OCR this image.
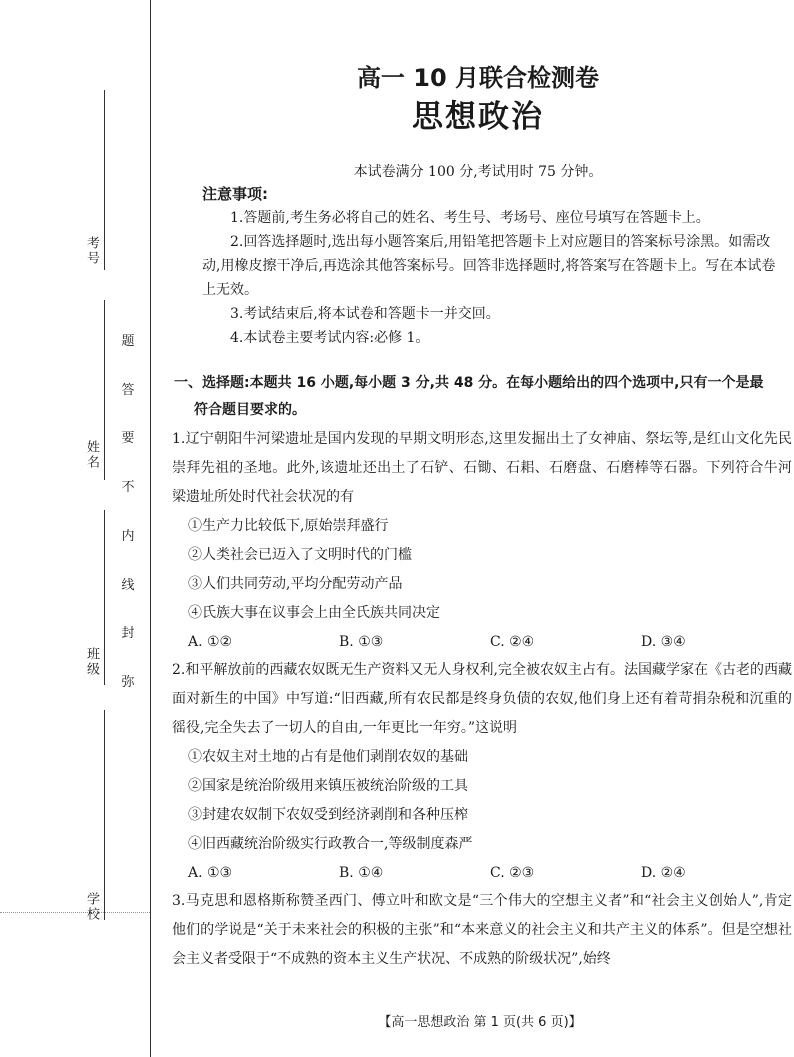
考号
姓名
班级
学校
题
答
要
不
内
线
封
弥
高一 10 月联合检测卷
思想政治
本试卷满分 100 分,考试用时 75 分钟。
注意事项:

1.答题前,考生务必将自己的姓名、考生号、考场号、座位号填写在答题卡上。

2.回答选择题时,选出每小题答案后,用铅笔把答题卡上对应题目的答案标号涂黑。如需改动,用橡皮擦干净后,再选涂其他答案标号。回答非选择题时,将答案写在答题卡上。写在本试卷上无效。

3.考试结束后,将本试卷和答题卡一并交回。

4.本试卷主要考试内容:必修 1。

一、选择题:本题共 16 小题,每小题 3 分,共 48 分。在每小题给出的四个选项中,只有一个是最
符合题目要求的。

1.辽宁朝阳牛河梁遗址是国内发现的早期文明形态,这里发掘出土了女神庙、祭坛等,是红山文化先民崇拜先祖的圣地。此外,该遗址还出土了石铲、石锄、石耜、石磨盘、石磨棒等石器。下列符合牛河梁遗址所处时代社会状况的有

①生产力比较低下,原始崇拜盛行

②人类社会已迈入了文明时代的门槛

③人们共同劳动,平均分配劳动产品

④氏族大事在议事会上由全氏族共同决定

A. ①②	B. ①③	C. ②④	D. ③④

2.和平解放前的西藏农奴既无生产资料又无人身权利,完全被农奴主占有。法国藏学家在《古老的西藏面对新生的中国》中写道:“旧西藏,所有农民都是终身负债的农奴,他们身上还有着苛捐杂税和沉重的徭役,完全失去了一切人的自由,一年更比一年穷。”这说明

①农奴主对土地的占有是他们剥削农奴的基础

②国家是统治阶级用来镇压被统治阶级的工具

③封建农奴制下农奴受到经济剥削和各种压榨

④旧西藏统治阶级实行政教合一,等级制度森严

A. ①③	B. ①④	C. ②③	D. ②④

3.马克思和恩格斯称赞圣西门、傅立叶和欧文是“三个伟大的空想主义者”和“社会主义创始人”,肯定他们的学说是“关于未来社会的积极的主张”和“本来意义的社会主义和共产主义的体系”。但是空想社会主义者受限于“不成熟的资本主义生产状况、不成熟的阶级状况”,始终

【高一思想政治 第 1 页(共 6 页)】
